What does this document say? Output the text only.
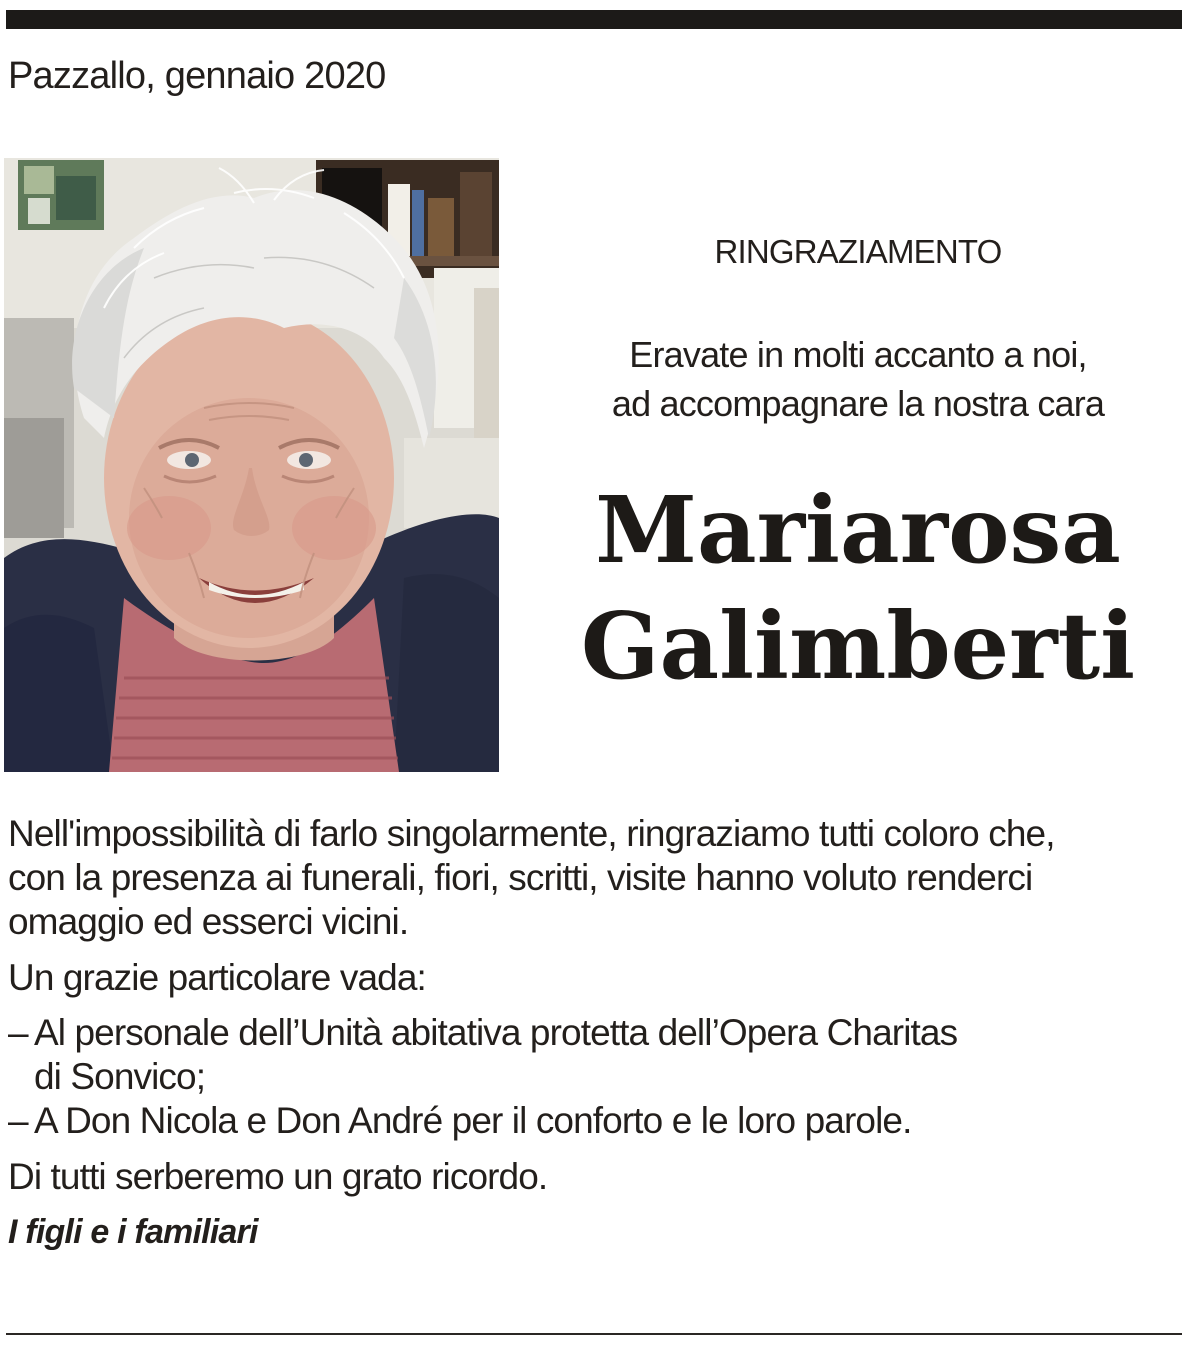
Pazzallo, gennaio 2020
RINGRAZIAMENTO
Eravate in molti accanto a noi,
ad accompagnare la nostra cara
Mariarosa
Galimberti

Nell'impossibilità di farlo singolarmente, ringraziamo tutti coloro che,
con la presenza ai funerali, fiori, scritti, visite hanno voluto renderci
omaggio ed esserci vicini.

Un grazie particolare vada:

– Al personale dell’Unità abitativa protetta dell’Opera Charitas
di Sonvico;
– A Don Nicola e Don André per il conforto e le loro parole.

Di tutti serberemo un grato ricordo.

I figli e i familiari
